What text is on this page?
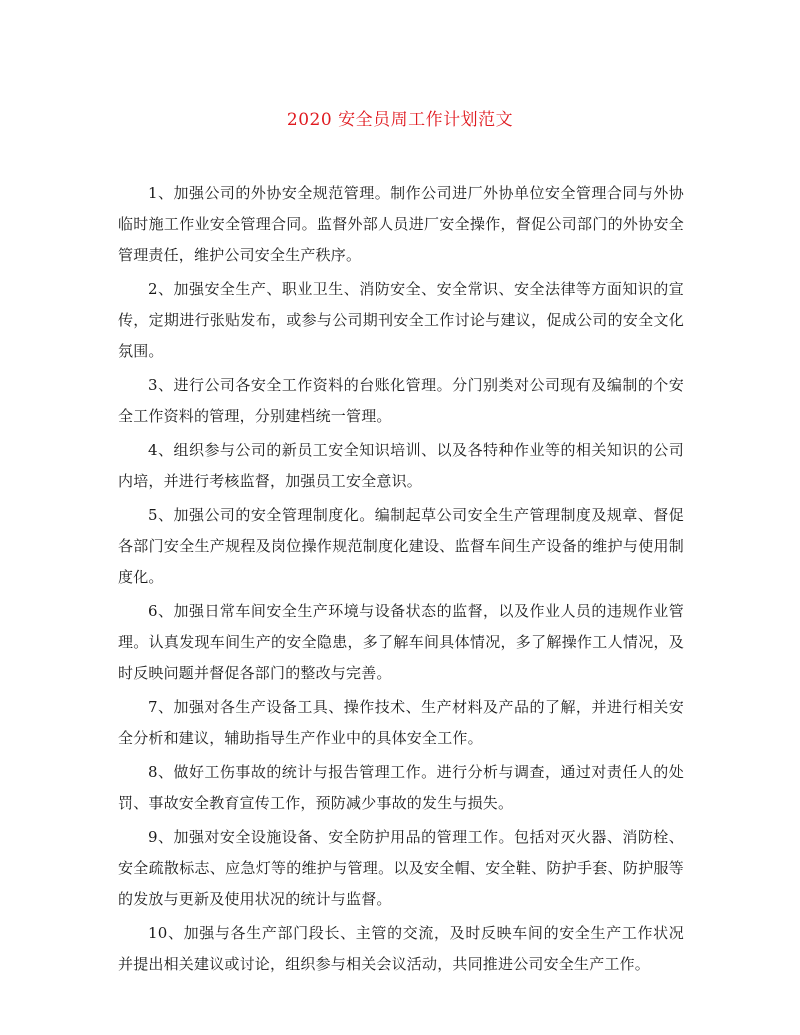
2020 安全员周工作计划范文

1、加强公司的外协安全规范管理。制作公司进厂外协单位安全管理合同与外协临时施工作业安全管理合同。监督外部人员进厂安全操作，督促公司部门的外协安全管理责任，维护公司安全生产秩序。

2、加强安全生产、职业卫生、消防安全、安全常识、安全法律等方面知识的宣传，定期进行张贴发布，或参与公司期刊安全工作讨论与建议，促成公司的安全文化氛围。

3、进行公司各安全工作资料的台账化管理。分门别类对公司现有及编制的个安全工作资料的管理，分别建档统一管理。

4、组织参与公司的新员工安全知识培训、以及各特种作业等的相关知识的公司内培，并进行考核监督，加强员工安全意识。

5、加强公司的安全管理制度化。编制起草公司安全生产管理制度及规章、督促各部门安全生产规程及岗位操作规范制度化建设、监督车间生产设备的维护与使用制度化。

6、加强日常车间安全生产环境与设备状态的监督，以及作业人员的违规作业管理。认真发现车间生产的安全隐患，多了解车间具体情况，多了解操作工人情况，及时反映问题并督促各部门的整改与完善。

7、加强对各生产设备工具、操作技术、生产材料及产品的了解，并进行相关安全分析和建议，辅助指导生产作业中的具体安全工作。

8、做好工伤事故的统计与报告管理工作。进行分析与调查，通过对责任人的处罚、事故安全教育宣传工作，预防减少事故的发生与损失。

9、加强对安全设施设备、安全防护用品的管理工作。包括对灭火器、消防栓、安全疏散标志、应急灯等的维护与管理。以及安全帽、安全鞋、防护手套、防护服等的发放与更新及使用状况的统计与监督。

10、加强与各生产部门段长、主管的交流，及时反映车间的安全生产工作状况并提出相关建议或讨论，组织参与相关会议活动，共同推进公司安全生产工作。
